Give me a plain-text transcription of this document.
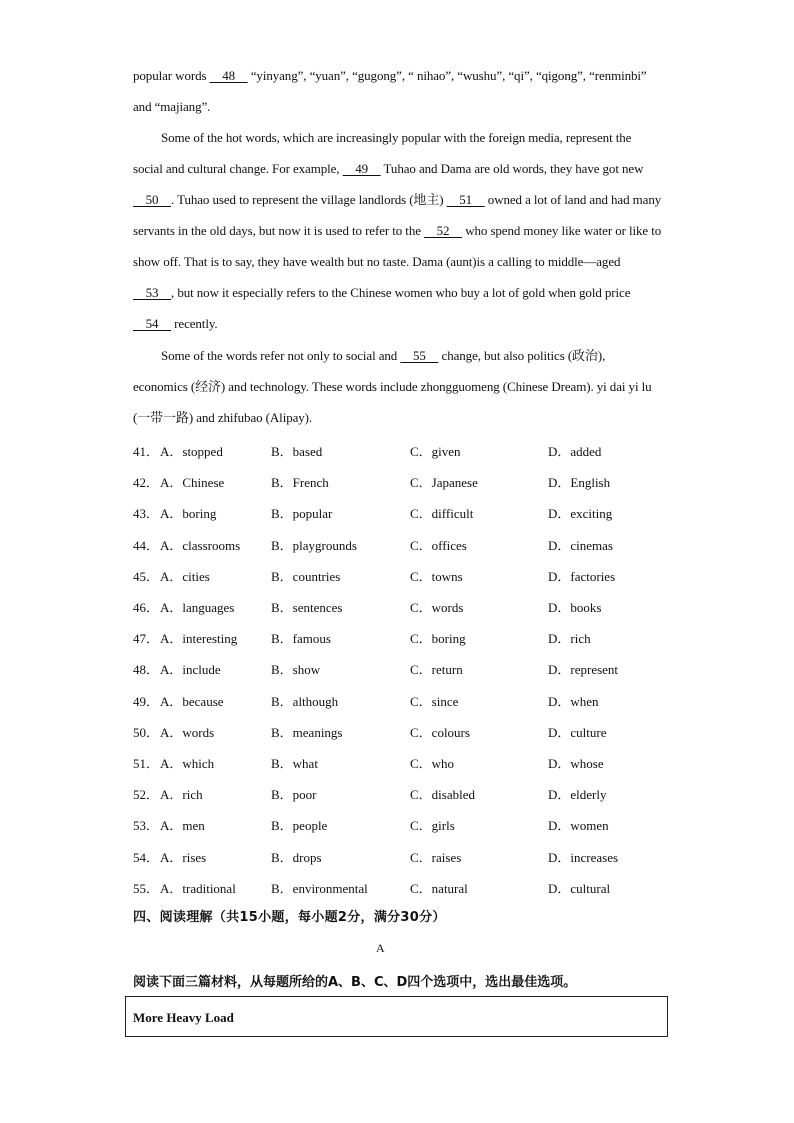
popular words     48     “yinyang”, “yuan”, “gugong”, “ nihao”, “wushu”, “qi”, “qigong”, “renminbi” and “majiang”.
Some of the hot words, which are increasingly popular with the foreign media, represent the social and cultural change. For example,     49     Tuhao and Dama are old words, they have got new     50    . Tuhao used to represent the village landlords (地主)     51     owned a lot of land and had many servants in the old days, but now it is used to refer to the     52     who spend money like water or like to show off. That is to say, they have wealth but no taste. Dama (aunt)is a calling to middle—aged     53    , but now it especially refers to the Chinese women who buy a lot of gold when gold price     54     recently.
Some of the words refer not only to social and     55     change, but also politics (政治), economics (经济) and technology. These words include zhongguomeng (Chinese Dream). yi dai yi lu (一带一路) and zhifubao (Alipay).
41． A．stopped	B．based	C．given	D．added
42． A．Chinese	B．French	C．Japanese	D．English
43． A．boring	B．popular	C．difficult	D．exciting
44． A．classrooms B．playgrounds	C．offices	D．cinemas
45． A．cities	B．countries	C．towns	D．factories
46． A．languages	B．sentences	C．words	D．books
47． A．interesting	B．famous	C．boring	D．rich
48． A．include	B．show	C．return	D．represent
49． A．because	B．although	C．since	D．when
50． A．words	B．meanings	C．colours	D．culture
51． A．which	B．what	C．who	D．whose
52． A．rich	B．poor	C．disabled	D．elderly
53． A．men	B．people	C．girls	D．women
54． A．rises	B．drops	C．raises	D．increases
55． A．traditional	B．environmental	C．natural	D．cultural
四、阅读理解（共15小题，每小题2分，满分30分）
A
阅读下面三篇材料，从每题所给的A、B、C、D四个选项中，选出最佳选项。
More Heavy Load
